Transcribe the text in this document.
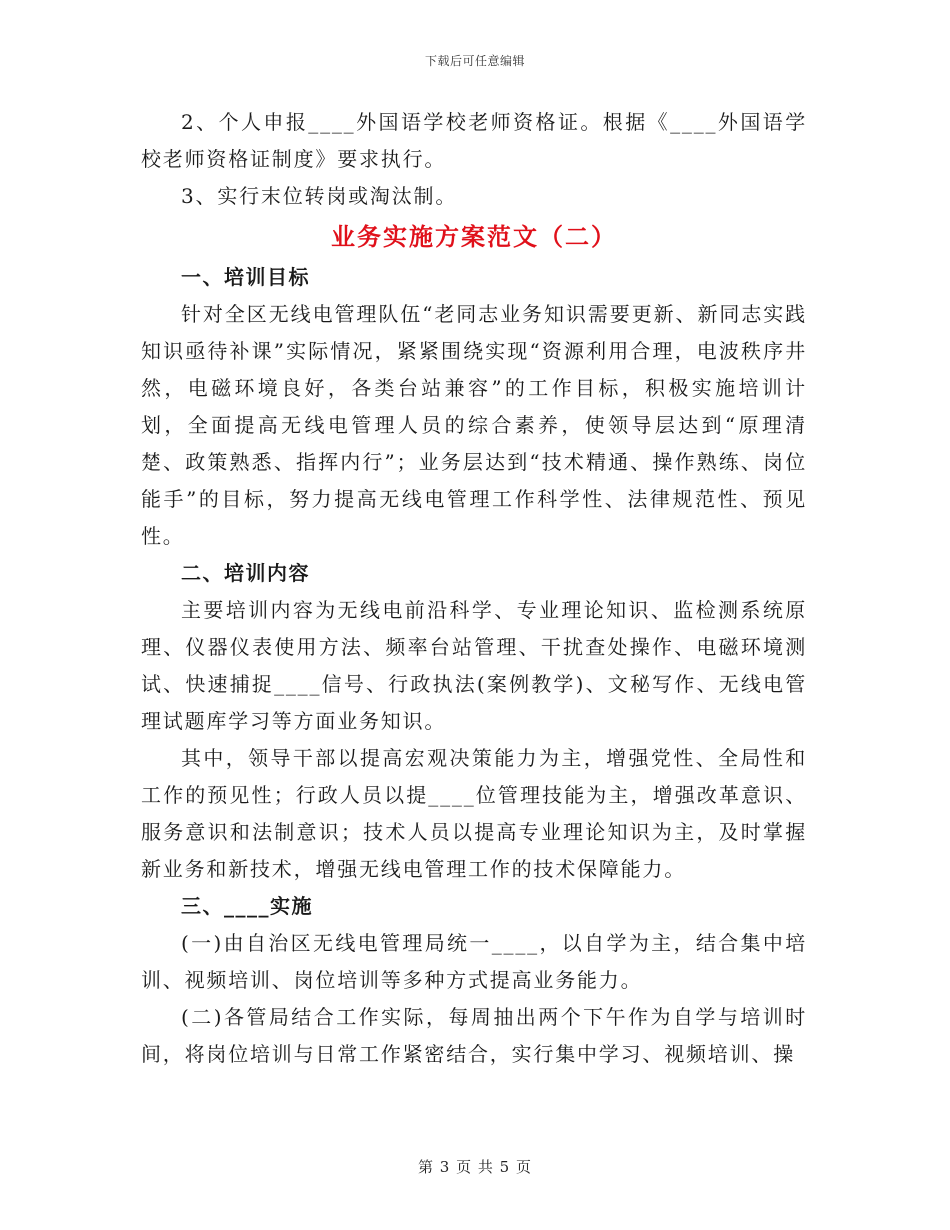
下载后可任意编辑

2、个人申报____外国语学校老师资格证。根据《____外国语学校老师资格证制度》要求执行。

3、实行末位转岗或淘汰制。

业务实施方案范文（二）
一、培训目标

针对全区无线电管理队伍“老同志业务知识需要更新、新同志实践知识亟待补课”实际情况，紧紧围绕实现“资源利用合理，电波秩序井然，电磁环境良好，各类台站兼容”的工作目标，积极实施培训计划，全面提高无线电管理人员的综合素养，使领导层达到“原理清楚、政策熟悉、指挥内行”；业务层达到“技术精通、操作熟练、岗位能手”的目标，努力提高无线电管理工作科学性、法律规范性、预见性。

二、培训内容

主要培训内容为无线电前沿科学、专业理论知识、监检测系统原理、仪器仪表使用方法、频率台站管理、干扰查处操作、电磁环境测试、快速捕捉____信号、行政执法(案例教学)、文秘写作、无线电管理试题库学习等方面业务知识。

其中，领导干部以提高宏观决策能力为主，增强党性、全局性和工作的预见性；行政人员以提____位管理技能为主，增强改革意识、服务意识和法制意识；技术人员以提高专业理论知识为主，及时掌握新业务和新技术，增强无线电管理工作的技术保障能力。

三、____实施

(一)由自治区无线电管理局统一____，以自学为主，结合集中培训、视频培训、岗位培训等多种方式提高业务能力。

(二)各管局结合工作实际，每周抽出两个下午作为自学与培训时间，将岗位培训与日常工作紧密结合，实行集中学习、视频培训、操

第 3 页 共 5 页
